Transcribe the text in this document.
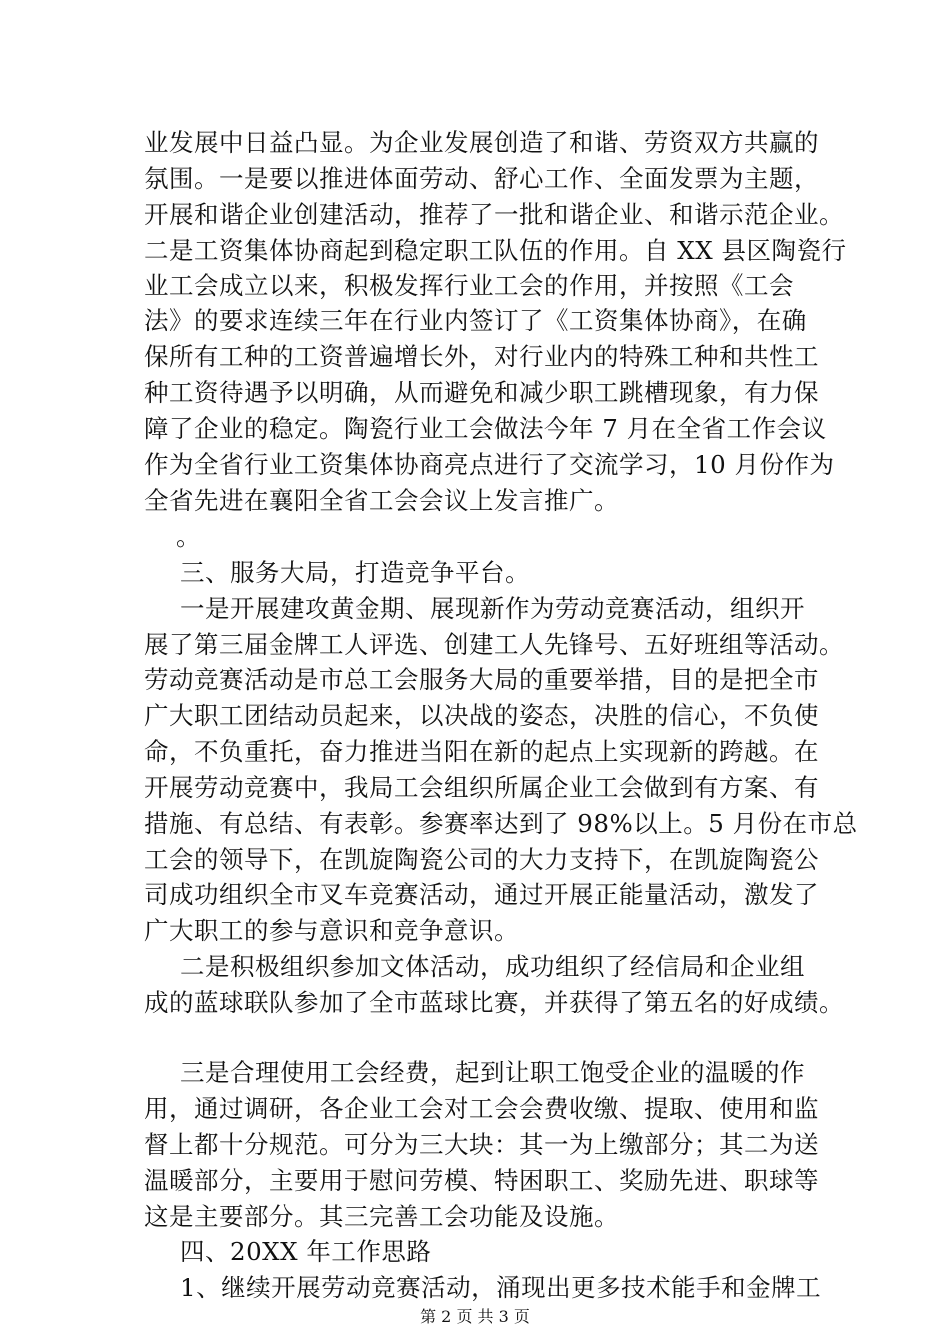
业发展中日益凸显。为企业发展创造了和谐、劳资双方共赢的
氛围。一是要以推进体面劳动、舒心工作、全面发票为主题，
开展和谐企业创建活动，推荐了一批和谐企业、和谐示范企业。
二是工资集体协商起到稳定职工队伍的作用。自 XX 县区陶瓷行
业工会成立以来，积极发挥行业工会的作用，并按照《工会
法》的要求连续三年在行业内签订了《工资集体协商》，在确
保所有工种的工资普遍增长外，对行业内的特殊工种和共性工
种工资待遇予以明确，从而避免和减少职工跳槽现象，有力保
障了企业的稳定。陶瓷行业工会做法今年 7 月在全省工作会议
作为全省行业工资集体协商亮点进行了交流学习，10 月份作为
全省先进在襄阳全省工会会议上发言推广。
。
三、服务大局，打造竞争平台。
一是开展建攻黄金期、展现新作为劳动竞赛活动，组织开
展了第三届金牌工人评选、创建工人先锋号、五好班组等活动。
劳动竞赛活动是市总工会服务大局的重要举措，目的是把全市
广大职工团结动员起来，以决战的姿态，决胜的信心，不负使
命，不负重托，奋力推进当阳在新的起点上实现新的跨越。在
开展劳动竞赛中，我局工会组织所属企业工会做到有方案、有
措施、有总结、有表彰。参赛率达到了 98%以上。5 月份在市总
工会的领导下，在凯旋陶瓷公司的大力支持下，在凯旋陶瓷公
司成功组织全市叉车竞赛活动，通过开展正能量活动，激发了
广大职工的参与意识和竞争意识。
二是积极组织参加文体活动，成功组织了经信局和企业组
成的蓝球联队参加了全市蓝球比赛，并获得了第五名的好成绩。
三是合理使用工会经费，起到让职工饱受企业的温暖的作
用，通过调研，各企业工会对工会会费收缴、提取、使用和监
督上都十分规范。可分为三大块：其一为上缴部分；其二为送
温暖部分，主要用于慰问劳模、特困职工、奖励先进、职球等
这是主要部分。其三完善工会功能及设施。
四、20XX 年工作思路
1、继续开展劳动竞赛活动，涌现出更多技术能手和金牌工
第 2 页 共 3 页
